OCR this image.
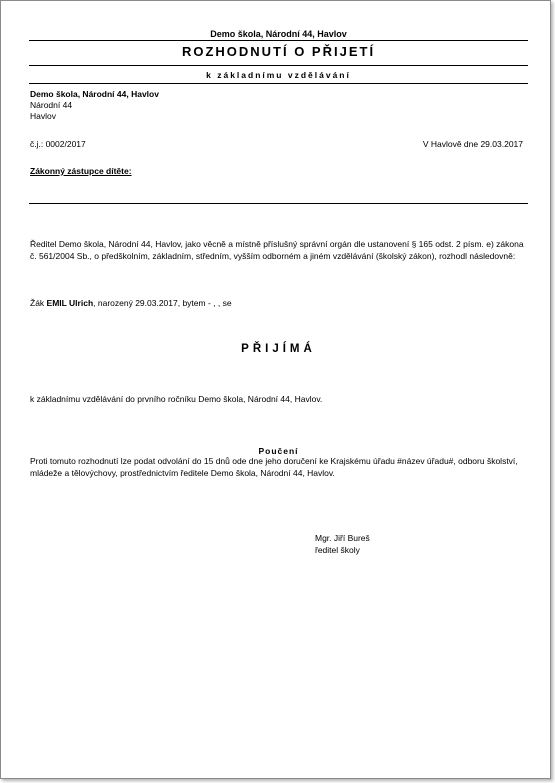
Demo škola, Národní 44, Havlov
ROZHODNUTÍ O PŘIJETÍ
k základnímu vzdělávání
Demo škola, Národní 44, Havlov
Národní 44
Havlov
č.j.: 0002/2017	V Havlově dne 29.03.2017
Zákonný zástupce dítěte:
Ředitel Demo škola, Národní 44, Havlov, jako věcně a místně příslušný správní orgán dle ustanovení § 165 odst. 2 písm. e) zákona č. 561/2004 Sb., o předškolním, základním, středním, vyšším odborném a jiném vzdělávání (školský zákon), rozhodl následovně:
Žák EMIL Ulrich, narozený 29.03.2017, bytem - , , se
PŘIJÍMÁ
k základnímu vzdělávání do prvního ročníku Demo škola, Národní 44, Havlov.
Poučení
Proti tomuto rozhodnutí lze podat odvolání do 15 dnů ode dne jeho doručení ke Krajskému úřadu #název úřadu#, odboru školství, mládeže a tělovýchovy, prostřednictvím ředitele Demo škola, Národní 44, Havlov.
Mgr. Jiří Bureš
ředitel školy
